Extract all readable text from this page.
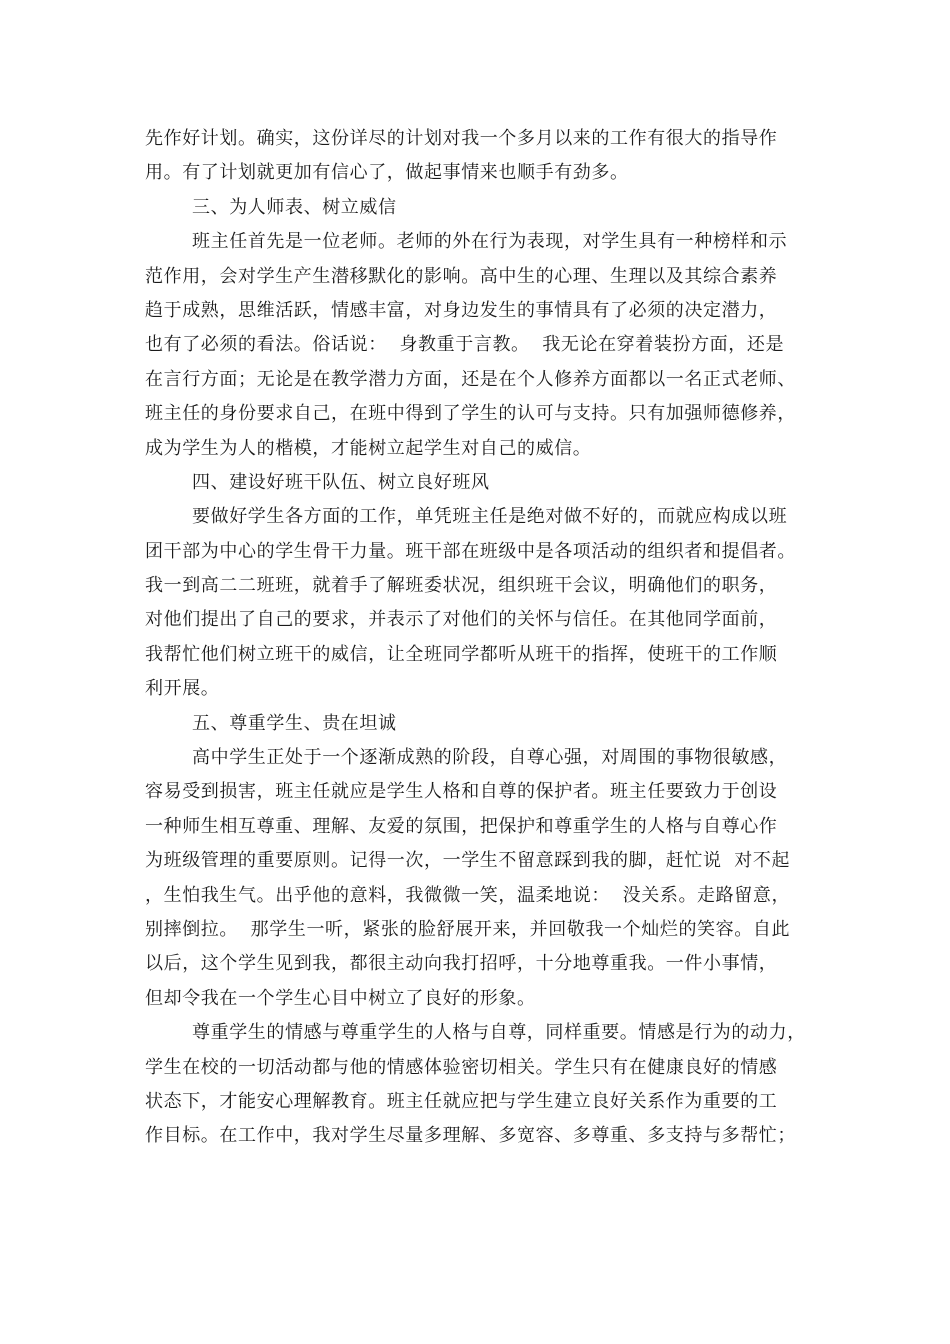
先作好计划。确实，这份详尽的计划对我一个多月以来的工作有很大的指导作
用。有了计划就更加有信心了，做起事情来也顺手有劲多。
三、为人师表、树立威信
班主任首先是一位老师。老师的外在行为表现，对学生具有一种榜样和示
范作用，会对学生产生潜移默化的影响。高中生的心理、生理以及其综合素养
趋于成熟，思维活跃，情感丰富，对身边发生的事情具有了必须的决定潜力，
也有了必须的看法。俗话说：  身教重于言教。  我无论在穿着装扮方面，还是
在言行方面；无论是在教学潜力方面，还是在个人修养方面都以一名正式老师、
班主任的身份要求自己，在班中得到了学生的认可与支持。只有加强师德修养，
成为学生为人的楷模，才能树立起学生对自己的威信。
四、建设好班干队伍、树立良好班风
要做好学生各方面的工作，单凭班主任是绝对做不好的，而就应构成以班
团干部为中心的学生骨干力量。班干部在班级中是各项活动的组织者和提倡者。
我一到高二二班班，就着手了解班委状况，组织班干会议，明确他们的职务，
对他们提出了自己的要求，并表示了对他们的关怀与信任。在其他同学面前，
我帮忙他们树立班干的威信，让全班同学都听从班干的指挥，使班干的工作顺
利开展。
五、尊重学生、贵在坦诚
高中学生正处于一个逐渐成熟的阶段，自尊心强，对周围的事物很敏感，
容易受到损害，班主任就应是学生人格和自尊的保护者。班主任要致力于创设
一种师生相互尊重、理解、友爱的氛围，把保护和尊重学生的人格与自尊心作
为班级管理的重要原则。记得一次，一学生不留意踩到我的脚，赶忙说  对不起
，生怕我生气。出乎他的意料，我微微一笑，温柔地说：  没关系。走路留意，
别摔倒拉。  那学生一听，紧张的脸舒展开来，并回敬我一个灿烂的笑容。自此
以后，这个学生见到我，都很主动向我打招呼，十分地尊重我。一件小事情，
但却令我在一个学生心目中树立了良好的形象。
尊重学生的情感与尊重学生的人格与自尊，同样重要。情感是行为的动力，
学生在校的一切活动都与他的情感体验密切相关。学生只有在健康良好的情感
状态下，才能安心理解教育。班主任就应把与学生建立良好关系作为重要的工
作目标。在工作中，我对学生尽量多理解、多宽容、多尊重、多支持与多帮忙；
